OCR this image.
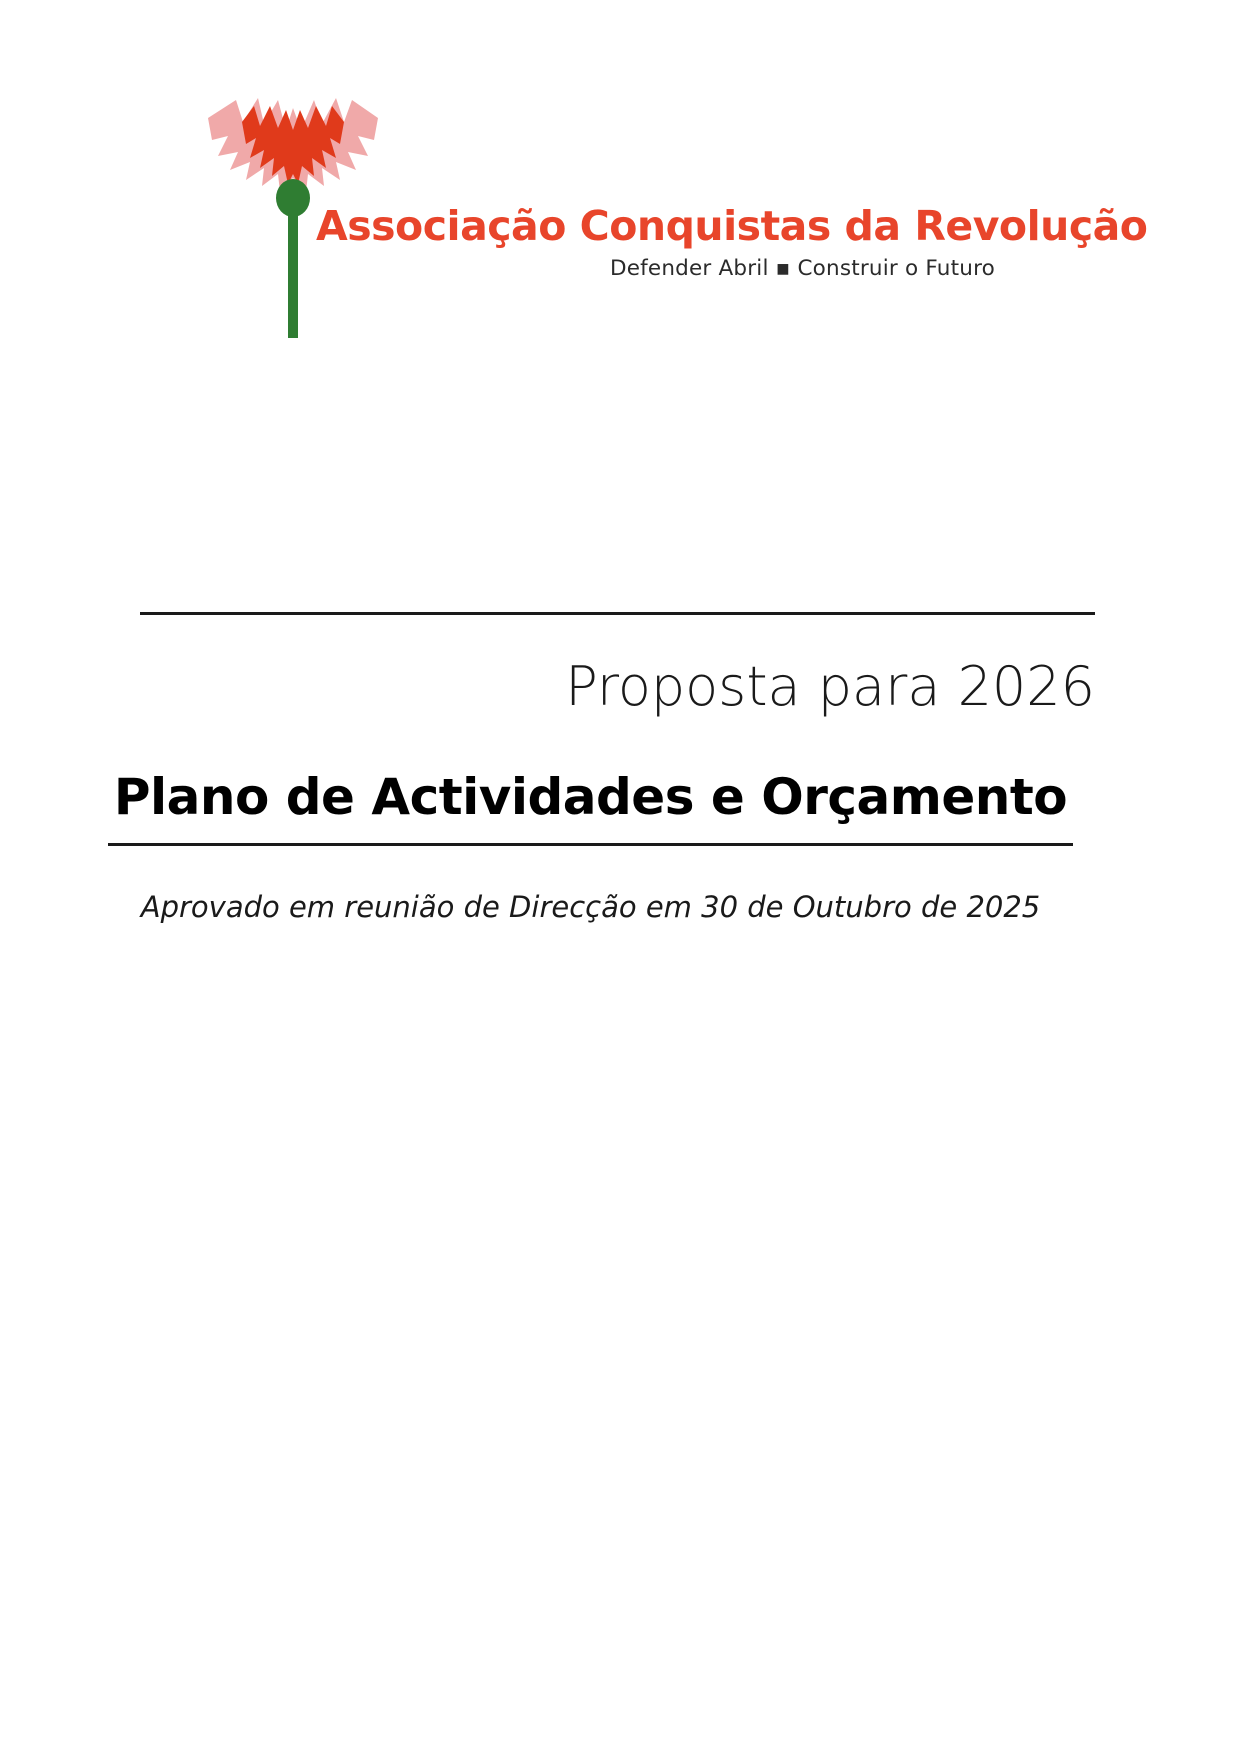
Associação Conquistas da Revolução
Defender Abril ▪ Construir o Futuro
Proposta para 2026
Plano de Actividades e Orçamento
Aprovado em reunião de Direcção em 30 de Outubro de 2025
